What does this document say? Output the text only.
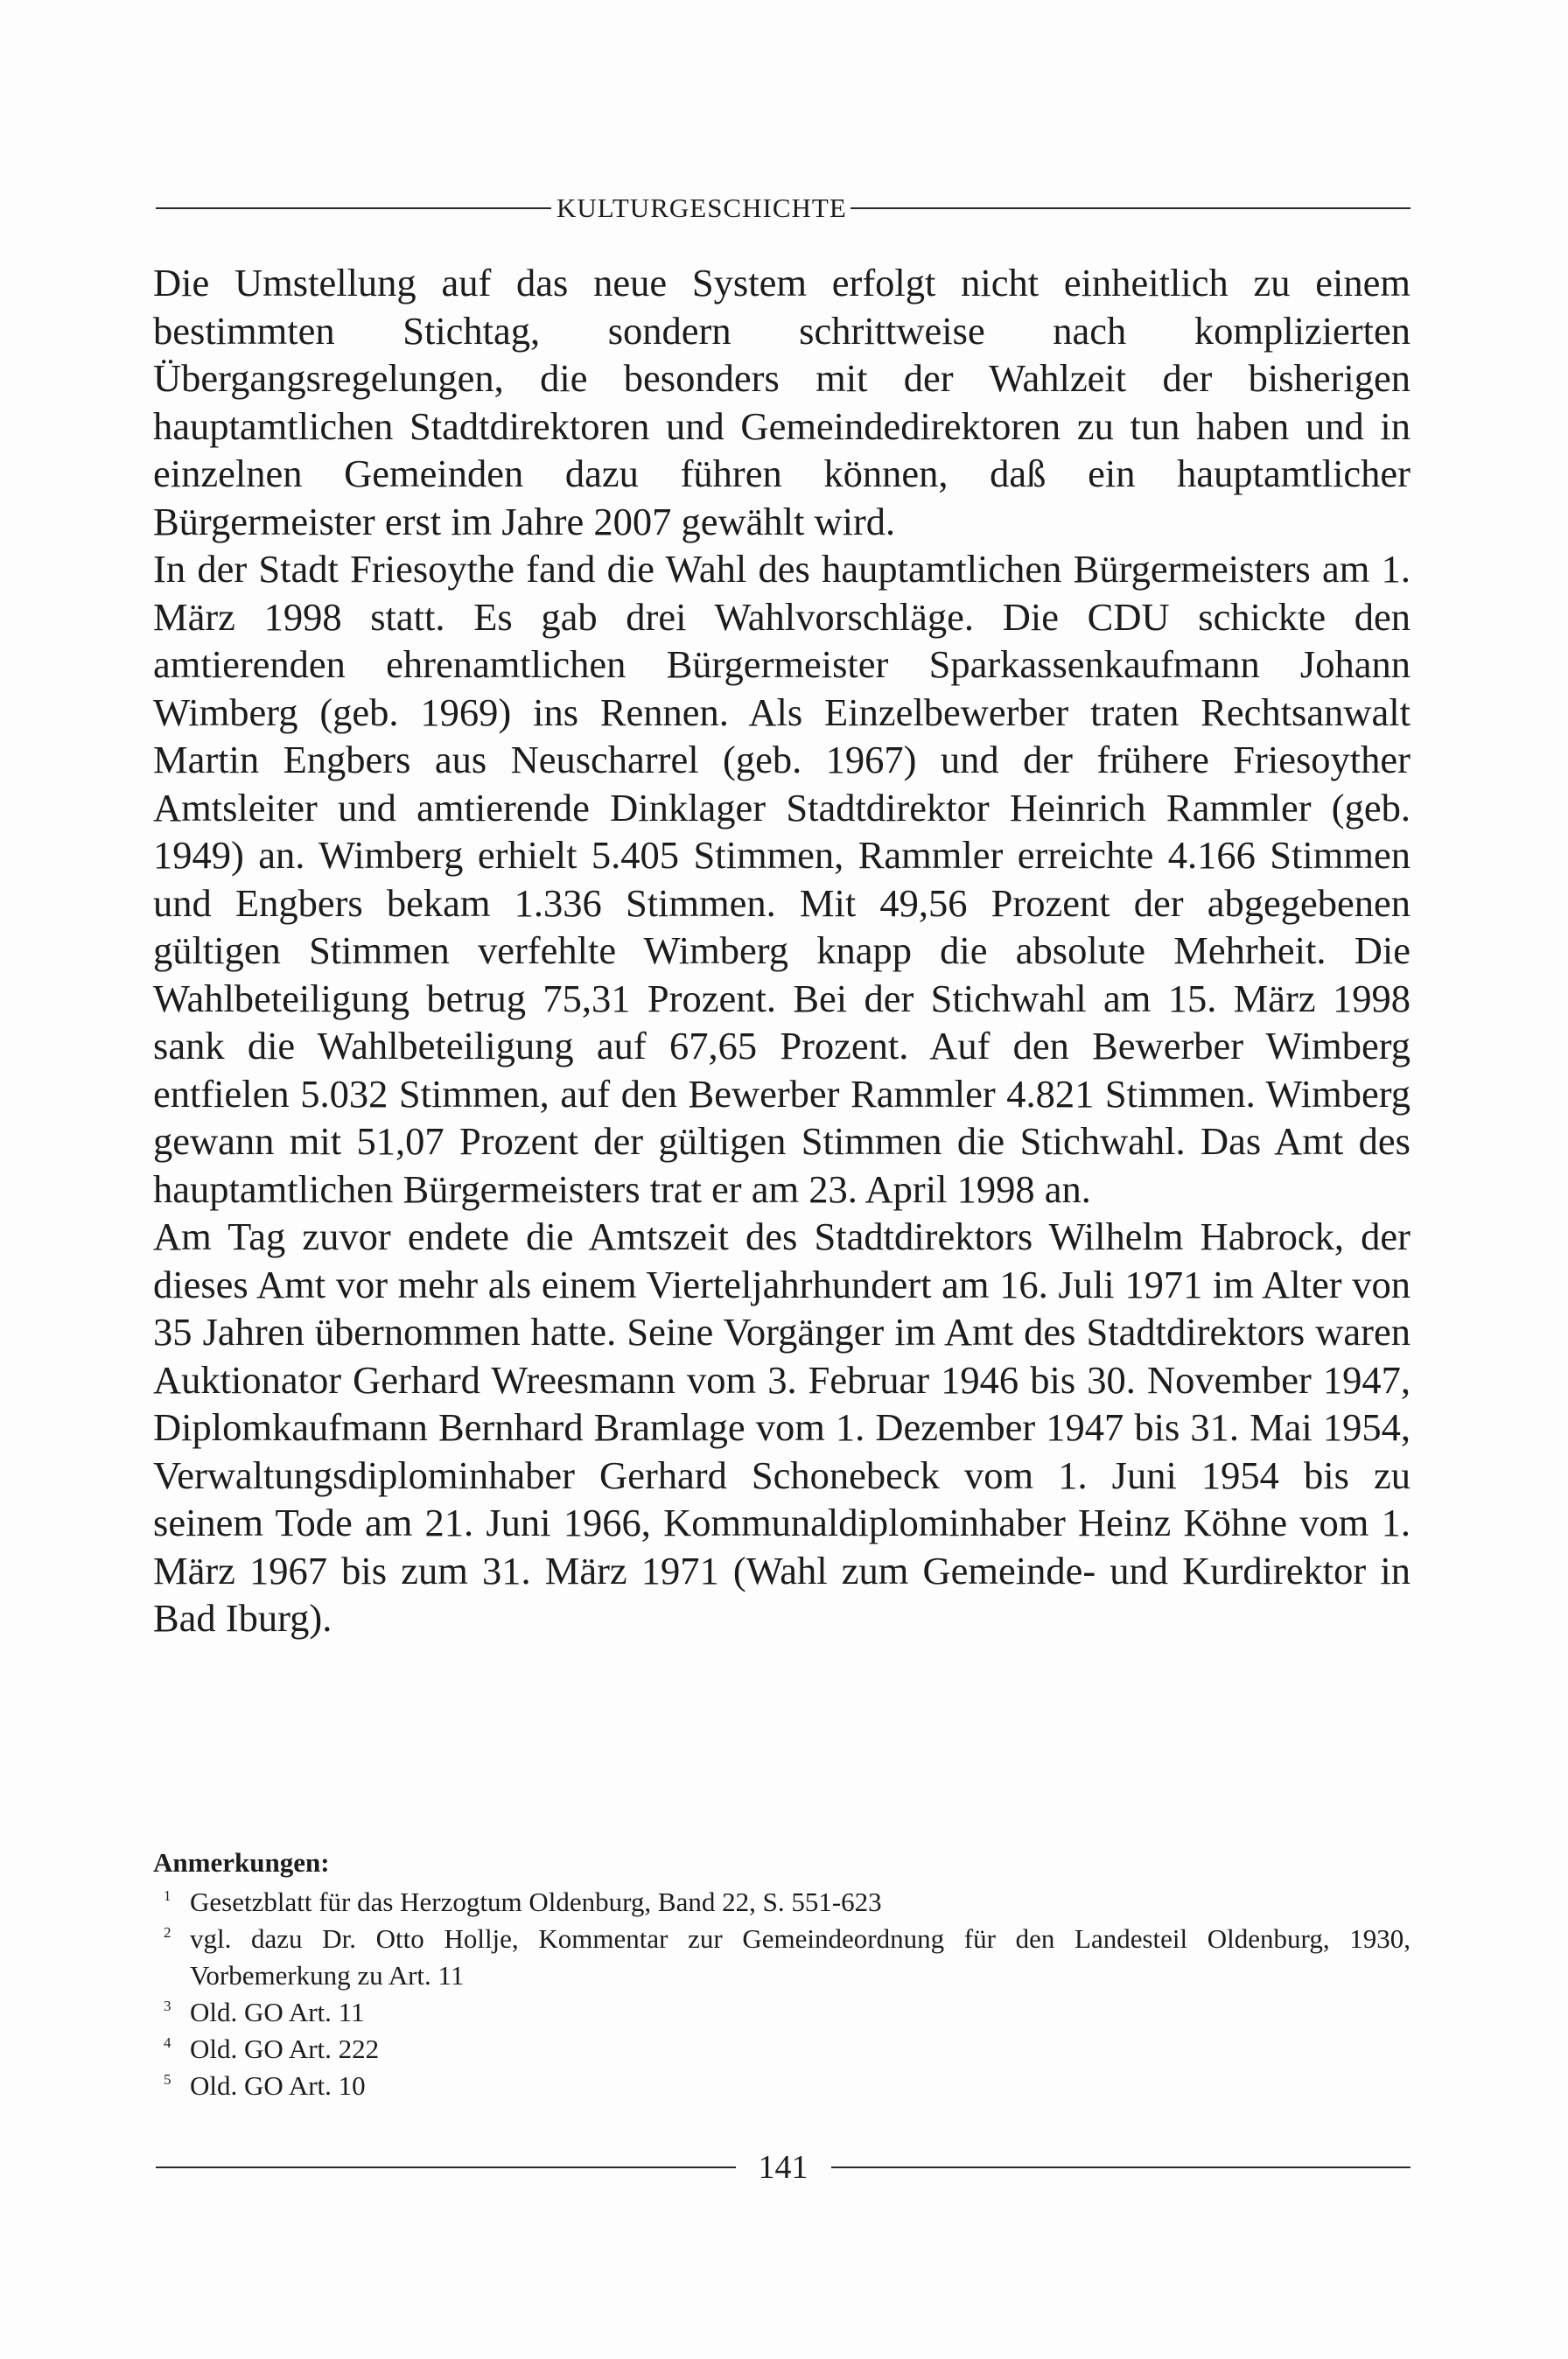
KULTURGESCHICHTE

Die Umstellung auf das neue System erfolgt nicht einheitlich zu einem bestimmten Stichtag, sondern schrittweise nach komplizierten Übergangsregelungen, die besonders mit der Wahlzeit der bisherigen hauptamtlichen Stadtdirektoren und Gemeindedirektoren zu tun haben und in einzelnen Gemeinden dazu führen können, daß ein hauptamtlicher Bürgermeister erst im Jahre 2007 gewählt wird.

In der Stadt Friesoythe fand die Wahl des hauptamtlichen Bürgermeisters am 1. März 1998 statt. Es gab drei Wahlvorschläge. Die CDU schickte den amtierenden ehrenamtlichen Bürgermeister Sparkassenkaufmann Johann Wimberg (geb. 1969) ins Rennen. Als Einzelbewerber traten Rechtsanwalt Martin Engbers aus Neuscharrel (geb. 1967) und der frühere Friesoyther Amtsleiter und amtierende Dinklager Stadtdirektor Heinrich Rammler (geb. 1949) an. Wimberg erhielt 5.405 Stimmen, Rammler erreichte 4.166 Stimmen und Engbers bekam 1.336 Stimmen. Mit 49,56 Prozent der abgegebenen gültigen Stimmen verfehlte Wimberg knapp die absolute Mehrheit. Die Wahlbeteiligung betrug 75,31 Prozent. Bei der Stichwahl am 15. März 1998 sank die Wahlbeteiligung auf 67,65 Prozent. Auf den Bewerber Wimberg entfielen 5.032 Stimmen, auf den Bewerber Rammler 4.821 Stimmen. Wimberg gewann mit 51,07 Prozent der gültigen Stimmen die Stichwahl. Das Amt des hauptamtlichen Bürgermeisters trat er am 23. April 1998 an.

Am Tag zuvor endete die Amtszeit des Stadtdirektors Wilhelm Habrock, der dieses Amt vor mehr als einem Vierteljahrhundert am 16. Juli 1971 im Alter von 35 Jahren übernommen hatte. Seine Vorgänger im Amt des Stadtdirektors waren Auktionator Gerhard Wreesmann vom 3. Februar 1946 bis 30. November 1947, Diplomkaufmann Bernhard Bramlage vom 1. Dezember 1947 bis 31. Mai 1954, Verwaltungsdiplominhaber Gerhard Schonebeck vom 1. Juni 1954 bis zu seinem Tode am 21. Juni 1966, Kommunaldiplominhaber Heinz Köhne vom 1. März 1967 bis zum 31. März 1971 (Wahl zum Gemeinde- und Kurdirektor in Bad Iburg).

Anmerkungen:
1 Gesetzblatt für das Herzogtum Oldenburg, Band 22, S. 551-623
2 vgl. dazu Dr. Otto Hollje, Kommentar zur Gemeindeordnung für den Landesteil Oldenburg, 1930, Vorbemerkung zu Art. 11
3 Old. GO Art. 11
4 Old. GO Art. 222
5 Old. GO Art. 10
141
